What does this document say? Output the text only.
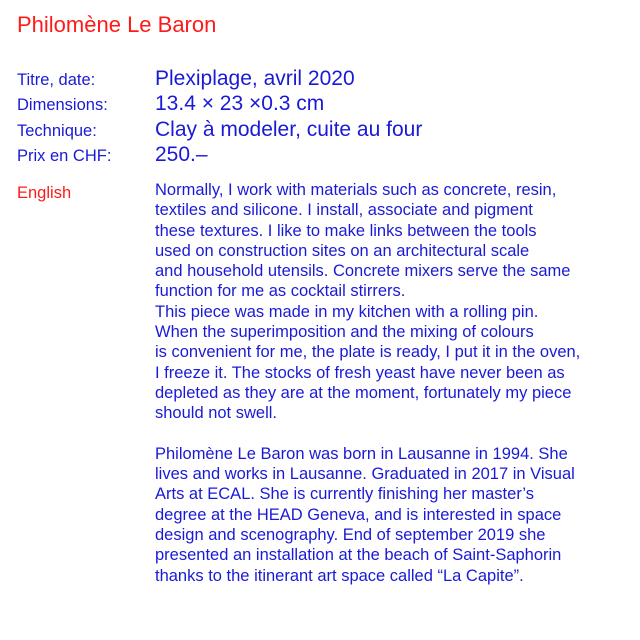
Philomène Le Baron
Titre, date:	Plexiplage, avril 2020
Dimensions: 13.4 × 23 ×0.3 cm
Technique:	Clay à modeler, cuite au four
Prix en CHF: 250.–
English	Normally, I work with materials such as concrete, resin,
textiles and silicone. I install, associate and pigment
these textures. I like to make links between the tools
used on construction sites on an architectural scale
and household utensils. Concrete mixers serve the same
function for me as cocktail stirrers.
This piece was made in my kitchen with a rolling pin.
When the superimposition and the mixing of colours
is convenient for me, the plate is ready, I put it in the oven,
I freeze it. The stocks of fresh yeast have never been as
depleted as they are at the moment, fortunately my piece
should not swell.
Philomène Le Baron was born in Lausanne in 1994. She
lives and works in Lausanne. Graduated in 2017 in Visual
Arts at ECAL. She is currently finishing her master’s
degree at the HEAD Geneva, and is interested in space
design and scenography. End of september 2019 she
presented an installation at the beach of Saint-Saphorin
thanks to the itinerant art space called “La Capite”.
